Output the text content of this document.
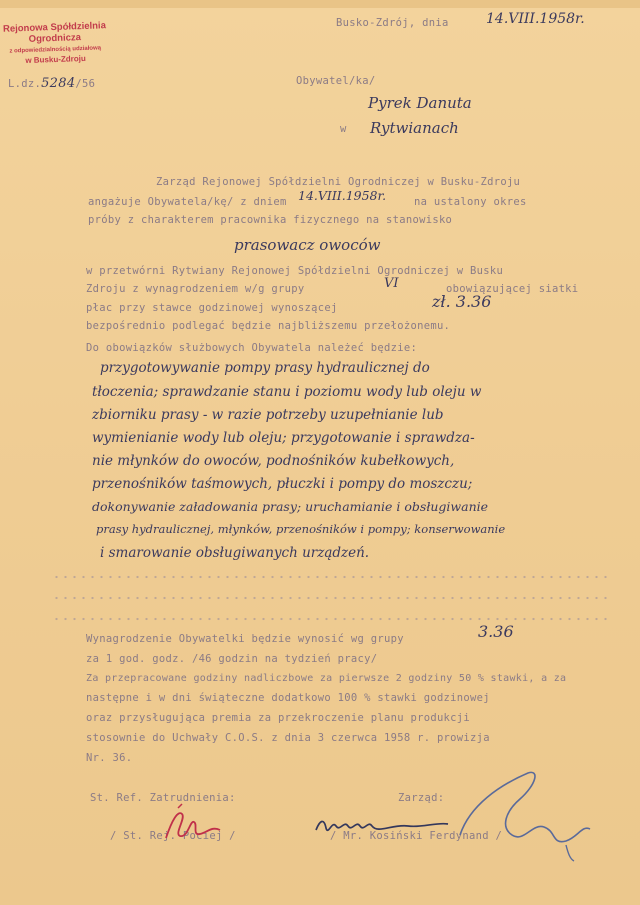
Rejonowa Spółdzielnia Ogrodnicza
z odpowiedzialnością udziałową
w Busku-Zdroju
L.dz.5284/56
Busko-Zdrój, dnia	14.VIII.1958r.
Obywatel/ka/
Pyrek Danuta
w Rytwianach
Zarząd Rejonowej Spółdzielni Ogrodniczej w Busku-Zdroju
angażuje Obywatela/kę/ z dniem 14.VIII.1958r.	na ustalony okres
próby z charakterem pracownika fizycznego na stanowisko
prasowacz owoców
w przetwórni Rytwiany Rejonowej Spółdzielni Ogrodniczej w Busku
Zdroju z wynagrodzeniem w/g grupy	VI	obowiązującej siatki
płac przy stawce godzinowej wynoszącej	zł. 3.36
bezpośrednio podlegać będzie najbliższemu przełożonemu.
Do obowiązków służbowych Obywatela należeć będzie:
przygotowywanie pompy prasy hydraulicznej do
tłoczenia; sprawdzanie stanu i poziomu wody lub oleju w
zbiorniku prasy - w razie potrzeby uzupełnianie lub
wymienianie wody lub oleju; przygotowanie i sprawdza-
nie młynków do owoców, podnośników kubełkowych,
przenośników taśmowych, płuczki i pompy do moszczu;
dokonywanie załadowania prasy; uruchamianie i obsługiwanie
prasy hydraulicznej, młynków, przenośników i pompy; konserwowanie
i smarowanie obsługiwanych urządzeń.
Wynagrodzenie Obywatelki będzie wynosić wg grupy	3.36
za 1 god. godz. /46 godzin na tydzień pracy/
Za przepracowane godziny nadliczbowe za pierwsze 2 godziny 50 % stawki, a za
następne i w dni świąteczne dodatkowo 100 % stawki godzinowej
oraz przysługująca premia za przekroczenie planu produkcji
stosownie do Uchwały C.O.S. z dnia 3 czerwca 1958 r. prowizja
Nr. 36.
St. Ref. Zatrudnienia:	Zarząd:
/ St. Rej. Pociej /	/ Mr. Kosiński Ferdynand /
